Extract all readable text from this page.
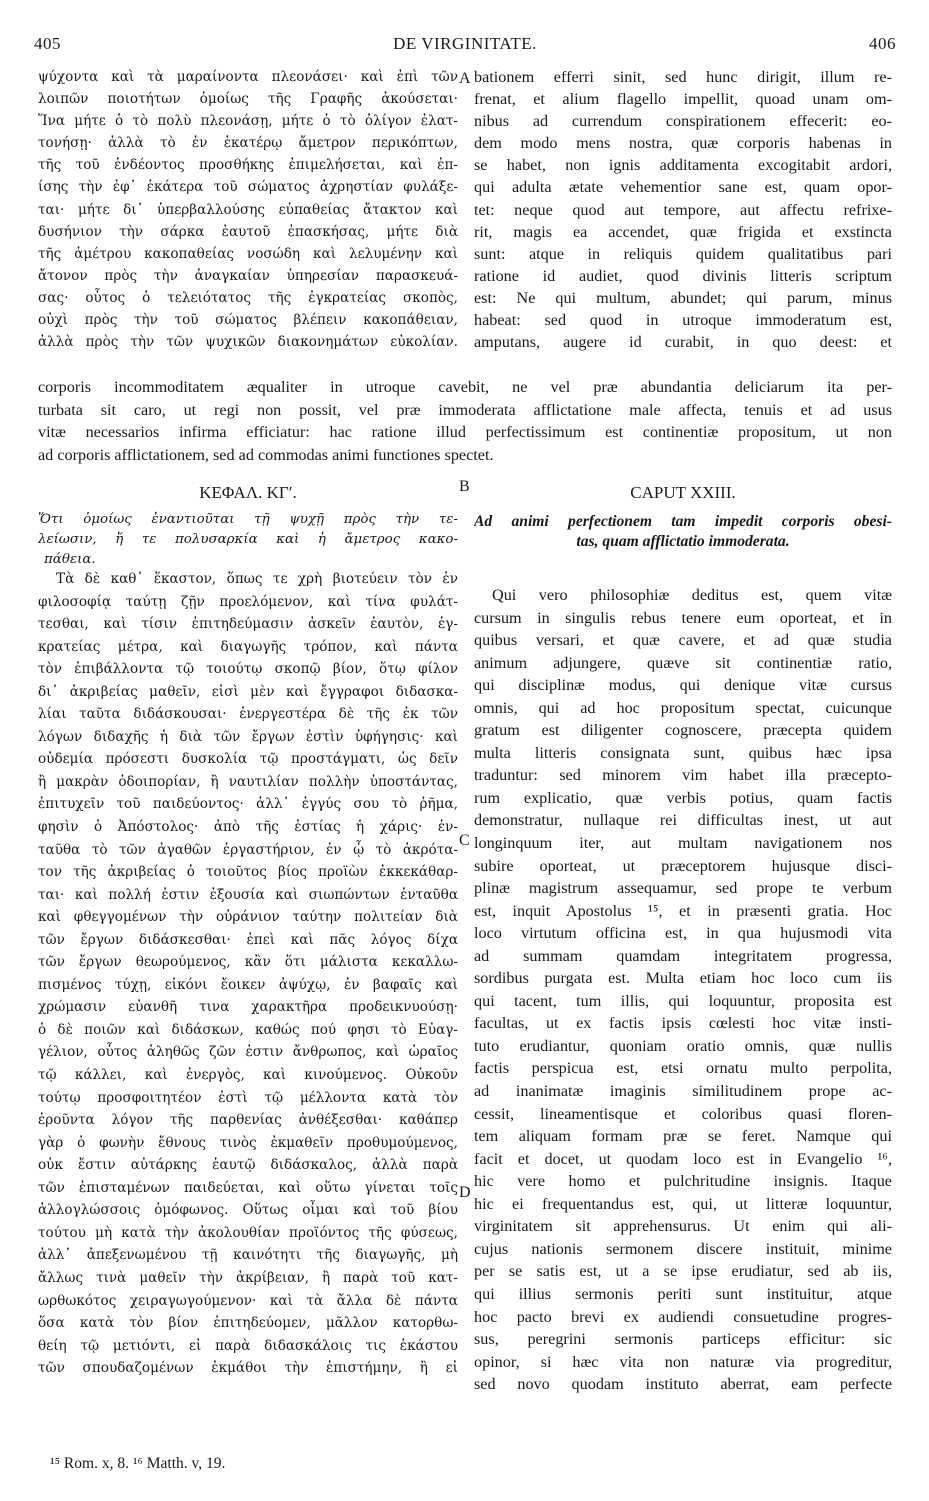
405	DE VIRGINITATE.	406
A
B
C
D

ψύχοντα καὶ τὰ μαραίνοντα πλεονάσει· καὶ ἐπὶ τῶν

λοιπῶν ποιοτήτων ὁμοίως τῆς Γραφῆς ἀκούσεται·

Ἵνα μήτε ὁ τὸ πολὺ πλεονάσῃ, μήτε ὁ τὸ ὀλίγον ἐλατ-

τονήσῃ· ἀλλὰ τὸ ἐν ἑκατέρῳ ἄμετρον περικόπτων,

τῆς τοῦ ἐνδέοντος προσθήκης ἐπιμελήσεται, καὶ ἐπ-

ίσης τὴν ἐφ᾽ ἑκάτερα τοῦ σώματος ἀχρηστίαν φυλάξε-

ται· μήτε δι᾽ ὑπερβαλλούσης εὐπαθείας ἄτακτον καὶ

δυσήνιον τὴν σάρκα ἑαυτοῦ ἐπασκήσας, μήτε διὰ

τῆς ἀμέτρου κακοπαθείας νοσώδη καὶ λελυμένην καὶ

ἄτονον πρὸς τὴν ἀναγκαίαν ὑπηρεσίαν παρασκευά-

σας· οὗτος ὁ τελειότατος τῆς ἐγκρατείας σκοπὸς,

οὐχὶ πρὸς τὴν τοῦ σώματος βλέπειν κακοπάθειαν,

ἀλλὰ πρὸς τὴν τῶν ψυχικῶν διακονημάτων εὐκολίαν.

bationem efferri sinit, sed hunc dirigit, illum re-

frenat, et alium flagello impellit, quoad unam om-

nibus ad currendum conspirationem effecerit: eo-

dem modo mens nostra, quæ corporis habenas in

se habet, non ignis additamenta excogitabit ardori,

qui adulta ætate vehementior sane est, quam opor-

tet: neque quod aut tempore, aut affectu refrixe-

rit, magis ea accendet, quæ frigida et exstincta

sunt: atque in reliquis quidem qualitatibus pari

ratione id audiet, quod divinis litteris scriptum

est: Ne qui multum, abundet; qui parum, minus

habeat: sed quod in utroque immoderatum est,

amputans, augere id curabit, in quo deest: et

corporis incommoditatem æqualiter in utroque cavebit, ne vel præ abundantia deliciarum ita per-

turbata sit caro, ut regi non possit, vel præ immoderata afflictatione male affecta, tenuis et ad usus

vitæ necessarios infirma efficiatur: hac ratione illud perfectissimum est continentiæ propositum, ut non

ad corporis afflictationem, sed ad commodas animi functiones spectet.

ΚΕΦΑΛ. ΚΓʹ.	CAPUT XXIII.

Ὅτι ὁμοίως ἐναντιοῦται τῇ ψυχῇ πρὸς τὴν τε-

λείωσιν, ἥ τε πολυσαρκία καὶ ἡ ἄμετρος κακο-

πάθεια.

Ad animi perfectionem tam impedit corporis obesi-

tas, quam afflictatio immoderata.

Τὰ δὲ καθ᾽ ἕκαστον, ὅπως τε χρὴ βιοτεύειν τὸν ἐν

φιλοσοφίᾳ ταύτῃ ζῇν προελόμενον, καὶ τίνα φυλάτ-

τεσθαι, καὶ τίσιν ἐπιτηδεύμασιν ἀσκεῖν ἑαυτὸν, ἐγ-

κρατείας μέτρα, καὶ διαγωγῆς τρόπον, καὶ πάντα

τὸν ἐπιβάλλοντα τῷ τοιούτῳ σκοπῷ βίον, ὅτῳ φίλον

δι᾽ ἀκριβείας μαθεῖν, εἰσὶ μὲν καὶ ἔγγραφοι διδασκα-

λίαι ταῦτα διδάσκουσαι· ἐνεργεστέρα δὲ τῆς ἐκ τῶν

λόγων διδαχῆς ἡ διὰ τῶν ἔργων ἐστὶν ὑφήγησις· καὶ

οὐδεμία πρόσεστι δυσκολία τῷ προστάγματι, ὡς δεῖν

ἢ μακρὰν ὁδοιπορίαν, ἢ ναυτιλίαν πολλὴν ὑποστάντας,

ἐπιτυχεῖν τοῦ παιδεύοντος· ἀλλ᾽ ἐγγύς σου τὸ ῥῆμα,

φησὶν ὁ Ἀπόστολος· ἀπὸ τῆς ἑστίας ἡ χάρις· ἐν-

ταῦθα τὸ τῶν ἀγαθῶν ἐργαστήριον, ἐν ᾧ τὸ ἀκρότα-

τον τῆς ἀκριβείας ὁ τοιοῦτος βίος προϊὼν ἐκκεκάθαρ-

ται· καὶ πολλή ἐστιν ἐξουσία καὶ σιωπώντων ἐνταῦθα

καὶ φθεγγομένων τὴν οὐράνιον ταύτην πολιτείαν διὰ

τῶν ἔργων διδάσκεσθαι· ἐπεὶ καὶ πᾶς λόγος δίχα

τῶν ἔργων θεωρούμενος, κἂν ὅτι μάλιστα κεκαλλω-

πισμένος τύχῃ, εἰκόνι ἔοικεν ἀψύχῳ, ἐν βαφαῖς καὶ

χρώμασιν εὐανθῆ τινα χαρακτῆρα προδεικνυούσῃ·

ὁ δὲ ποιῶν καὶ διδάσκων, καθώς πού φησι τὸ Εὐαγ-

γέλιον, οὗτος ἀληθῶς ζῶν ἐστιν ἄνθρωπος, καὶ ὡραῖος

τῷ κάλλει, καὶ ἐνεργὸς, καὶ κινούμενος. Οὐκοῦν

τούτῳ προσφοιτητέον ἐστὶ τῷ μέλλοντα κατὰ τὸν

ἐροῦντα λόγον τῆς παρθενίας ἀνθέξεσθαι· καθάπερ

γὰρ ὁ φωνὴν ἔθνους τινὸς ἐκμαθεῖν προθυμούμενος,

οὐκ ἔστιν αὐτάρκης ἑαυτῷ διδάσκαλος, ἀλλὰ παρὰ

τῶν ἐπισταμένων παιδεύεται, καὶ οὕτω γίνεται τοῖς

ἀλλογλώσσοις ὁμόφωνος. Οὕτως οἶμαι καὶ τοῦ βίου

τούτου μὴ κατὰ τὴν ἀκολουθίαν προϊόντος τῆς φύσεως,

ἀλλ᾽ ἀπεξενωμένου τῇ καινότητι τῆς διαγωγῆς, μὴ

ἄλλως τινὰ μαθεῖν τὴν ἀκρίβειαν, ἢ παρὰ τοῦ κατ-

ωρθωκότος χειραγωγούμενον· καὶ τὰ ἄλλα δὲ πάντα

ὅσα κατὰ τὸν βίον ἐπιτηδεύομεν, μᾶλλον κατορθω-

θείη τῷ μετιόντι, εἰ παρὰ διδασκάλοις τις ἑκάστου

τῶν σπουδαζομένων ἐκμάθοι τὴν ἐπιστήμην, ἢ εἰ

Qui vero philosophiæ deditus est, quem vitæ

cursum in singulis rebus tenere eum oporteat, et in

quibus versari, et quæ cavere, et ad quæ studia

animum adjungere, quæve sit continentiæ ratio,

qui disciplinæ modus, qui denique vitæ cursus

omnis, qui ad hoc propositum spectat, cuicunque

gratum est diligenter cognoscere, præcepta quidem

multa litteris consignata sunt, quibus hæc ipsa

traduntur: sed minorem vim habet illa præcepto-

rum explicatio, quæ verbis potius, quam factis

demonstratur, nullaque rei difficultas inest, ut aut

longinquum iter, aut multam navigationem nos

subire oporteat, ut præceptorem hujusque disci-

plinæ magistrum assequamur, sed prope te verbum

est, inquit Apostolus ¹⁵, et in præsenti gratia. Hoc

loco virtutum officina est, in qua hujusmodi vita

ad summam quamdam integritatem progressa,

sordibus purgata est. Multa etiam hoc loco cum iis

qui tacent, tum illis, qui loquuntur, proposita est

facultas, ut ex factis ipsis cœlesti hoc vitæ insti-

tuto erudiantur, quoniam oratio omnis, quæ nullis

factis perspicua est, etsi ornatu multo perpolita,

ad inanimatæ imaginis similitudinem prope ac-

cessit, lineamentisque et coloribus quasi floren-

tem aliquam formam præ se feret. Namque qui

facit et docet, ut quodam loco est in Evangelio ¹⁶,

hic vere homo et pulchritudine insignis. Itaque

hic ei frequentandus est, qui, ut litteræ loquuntur,

virginitatem sit apprehensurus. Ut enim qui ali-

cujus nationis sermonem discere instituit, minime

per se satis est, ut a se ipse erudiatur, sed ab iis,

qui illius sermonis periti sunt instituitur, atque

hoc pacto brevi ex audiendi consuetudine progres-

sus, peregrini sermonis particeps efficitur: sic

opinor, si hæc vita non naturæ via progreditur,

sed novo quodam instituto aberrat, eam perfecte

¹⁵ Rom. x, 8. ¹⁶ Matth. v, 19.
